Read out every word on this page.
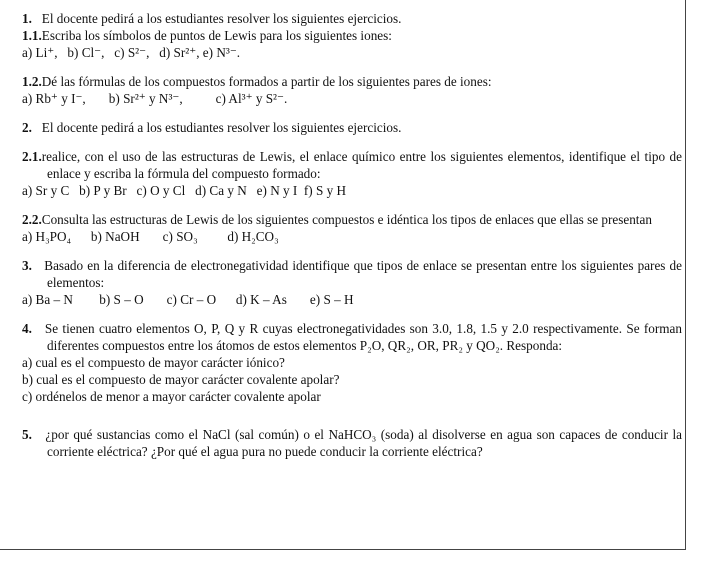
1. El docente pedirá a los estudiantes resolver los siguientes ejercicios.

1.1.Escriba los símbolos de puntos de Lewis para los siguientes iones:

a) Li⁺,   b) Cl⁻,   c) S²⁻,   d) Sr²⁺, e) N³⁻.

1.2.Dé las fórmulas de los compuestos formados a partir de los siguientes pares de iones:

a) Rb⁺ y I⁻,       b) Sr²⁺ y N³⁻,          c) Al³⁺ y S²⁻.

2. El docente pedirá a los estudiantes resolver los siguientes ejercicios.

2.1.realice, con el uso de las estructuras de Lewis, el enlace químico entre los siguientes elementos, identifique el tipo de enlace y escriba la fórmula del compuesto formado:

a) Sr y C   b) P y Br   c) O y Cl   d) Ca y N   e) N y I  f) S y H

2.2.Consulta las estructuras de Lewis de los siguientes compuestos e idéntica los tipos de enlaces que ellas se presentan

a) H₃PO₄      b) NaOH       c) SO₃         d) H₂CO₃

3. Basado en la diferencia de electronegatividad identifique que tipos de enlace se presentan entre los siguientes pares de elementos:

a) Ba – N        b) S – O       c) Cr – O      d) K – As       e) S – H

4. Se tienen cuatro elementos O, P, Q y R cuyas electronegatividades son 3.0, 1.8, 1.5 y 2.0 respectivamente. Se forman diferentes compuestos entre los átomos de estos elementos P₂O, QR₂, OR, PR₂ y QO₂. Responda:

a) cual es el compuesto de mayor carácter iónico?

b) cual es el compuesto de mayor carácter covalente apolar?

c) ordénelos de menor a mayor carácter covalente apolar

5. ¿por qué sustancias como el NaCl (sal común) o el NaHCO₃ (soda) al disolverse en agua son capaces de conducir la corriente eléctrica? ¿Por qué el agua pura no puede conducir la corriente eléctrica?
